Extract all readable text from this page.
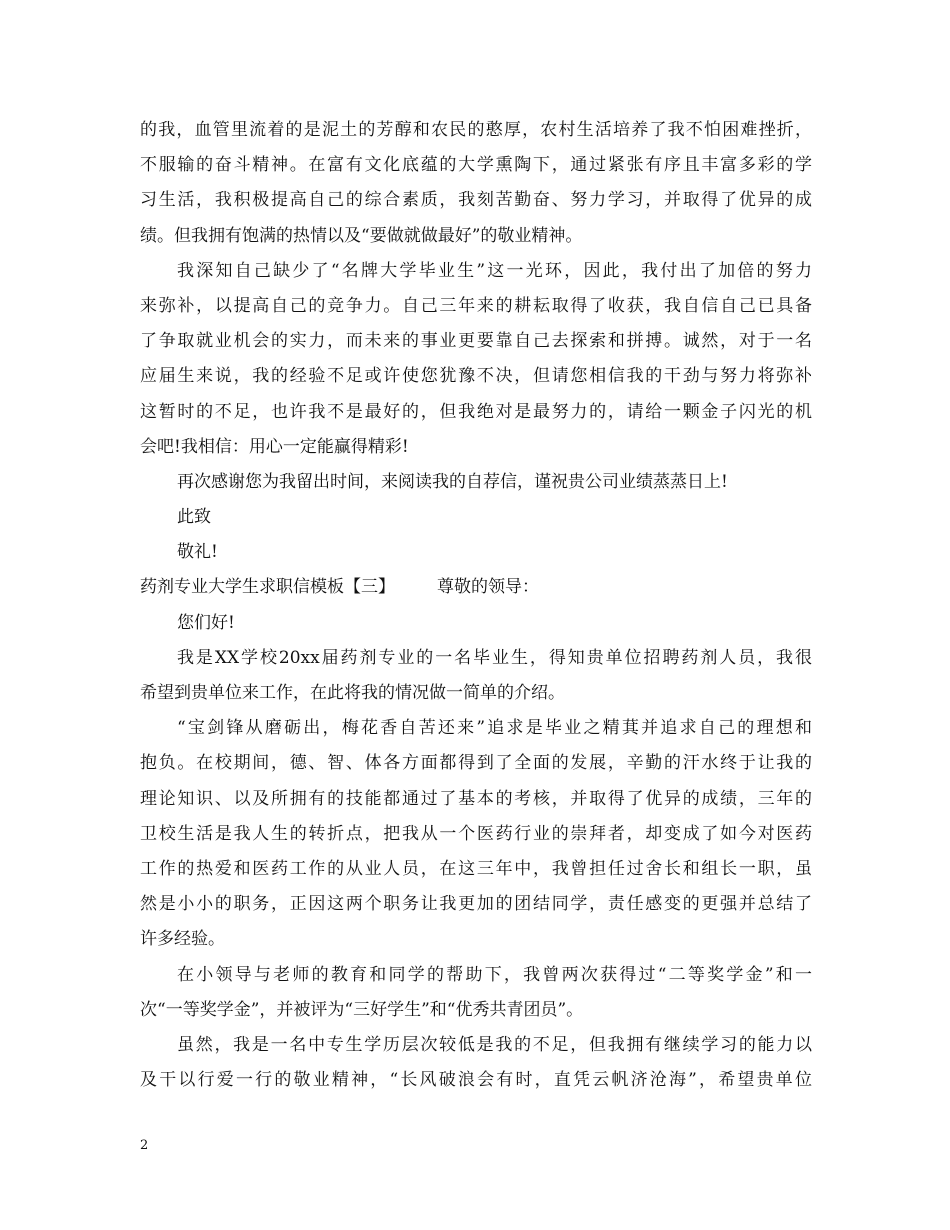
的我，血管里流着的是泥土的芳醇和农民的憨厚，农村生活培养了我不怕困难挫折，
不服输的奋斗精神。在富有文化底蕴的大学熏陶下，通过紧张有序且丰富多彩的学
习生活，我积极提高自己的综合素质，我刻苦勤奋、努力学习，并取得了优异的成
绩。但我拥有饱满的热情以及“要做就做最好”的敬业精神。
我深知自己缺少了“名牌大学毕业生”这一光环，因此，我付出了加倍的努力
来弥补，以提高自己的竞争力。自己三年来的耕耘取得了收获，我自信自己已具备
了争取就业机会的实力，而未来的事业更要靠自己去探索和拼搏。诚然，对于一名
应届生来说，我的经验不足或许使您犹豫不决，但请您相信我的干劲与努力将弥补
这暂时的不足，也许我不是最好的，但我绝对是最努力的，请给一颗金子闪光的机
会吧!我相信：用心一定能赢得精彩!
再次感谢您为我留出时间，来阅读我的自荐信，谨祝贵公司业绩蒸蒸日上!
此致
敬礼!
药剂专业大学生求职信模板【三】 尊敬的领导：
您们好!
我是XX学校20xx届药剂专业的一名毕业生，得知贵单位招聘药剂人员，我很
希望到贵单位来工作，在此将我的情况做一简单的介绍。
“宝剑锋从磨砺出，梅花香自苦还来”追求是毕业之精萁并追求自己的理想和
抱负。在校期间，德、智、体各方面都得到了全面的发展，辛勤的汗水终于让我的
理论知识、以及所拥有的技能都通过了基本的考核，并取得了优异的成绩，三年的
卫校生活是我人生的转折点，把我从一个医药行业的崇拜者，却变成了如今对医药
工作的热爱和医药工作的从业人员，在这三年中，我曾担任过舍长和组长一职，虽
然是小小的职务，正因这两个职务让我更加的团结同学，责任感变的更强并总结了
许多经验。
在小领导与老师的教育和同学的帮助下，我曾两次获得过“二等奖学金”和一
次“一等奖学金”，并被评为“三好学生”和“优秀共青团员”。
虽然，我是一名中专生学历层次较低是我的不足，但我拥有继续学习的能力以
及干以行爱一行的敬业精神，“长风破浪会有时，直凭云帆济沧海”，希望贵单位
2
